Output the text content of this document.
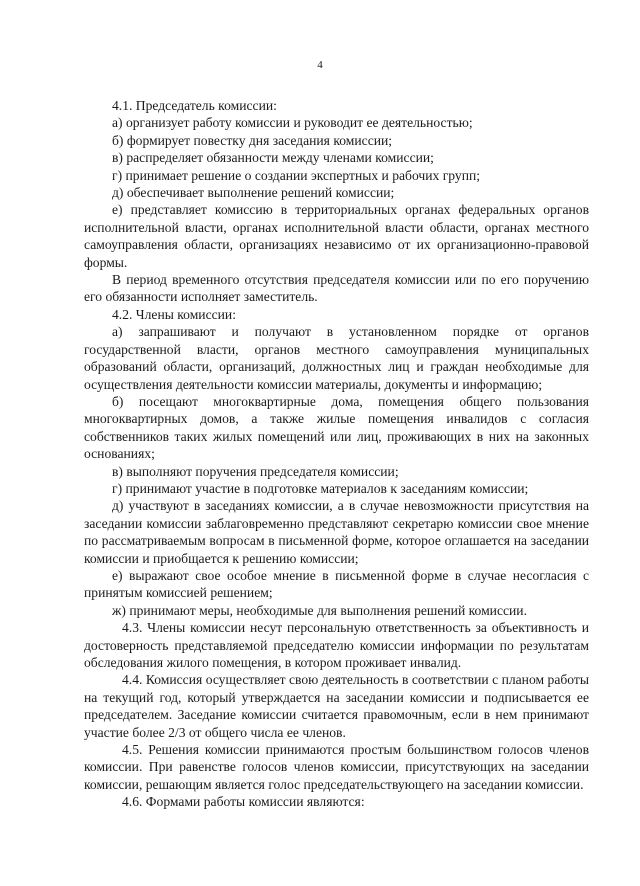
4

4.1. Председатель комиссии:

а) организует работу комиссии и руководит ее деятельностью;

б) формирует повестку дня заседания комиссии;

в) распределяет обязанности между членами комиссии;

г) принимает решение о создании экспертных и рабочих групп;

д) обеспечивает выполнение решений комиссии;

е) представляет комиссию в территориальных органах федеральных органов исполнительной власти, органах исполнительной власти области, органах местного самоуправления области, организациях независимо от их организационно-правовой формы.

В период временного отсутствия председателя комиссии или по его поручению его обязанности исполняет заместитель.

4.2. Члены комиссии:

а) запрашивают и получают в установленном порядке от органов государственной власти, органов местного самоуправления муниципальных образований области, организаций, должностных лиц и граждан необходимые для осуществления деятельности комиссии материалы, документы и информацию;

б) посещают многоквартирные дома, помещения общего пользования многоквартирных домов, а также жилые помещения инвалидов с согласия собственников таких жилых помещений или лиц, проживающих в них на законных основаниях;

в) выполняют поручения председателя комиссии;

г) принимают участие в подготовке материалов к заседаниям комиссии;

д) участвуют в заседаниях комиссии, а в случае невозможности присутствия на заседании комиссии заблаговременно представляют секретарю комиссии свое мнение по рассматриваемым вопросам в письменной форме, которое оглашается на заседании комиссии и приобщается к решению комиссии;

е) выражают свое особое мнение в письменной форме в случае несогласия с принятым комиссией решением;

ж) принимают меры, необходимые для выполнения решений комиссии.

4.3. Члены комиссии несут персональную ответственность за объективность и достоверность представляемой председателю комиссии информации по результатам обследования жилого помещения, в котором проживает инвалид.

4.4. Комиссия осуществляет свою деятельность в соответствии с планом работы на текущий год, который утверждается на заседании комиссии и подписывается ее председателем. Заседание комиссии считается правомочным, если в нем принимают участие более 2/3 от общего числа ее членов.

4.5. Решения комиссии принимаются простым большинством голосов членов комиссии. При равенстве голосов членов комиссии, присутствующих на заседании комиссии, решающим является голос председательствующего на заседании комиссии.

4.6. Формами работы комиссии являются:
